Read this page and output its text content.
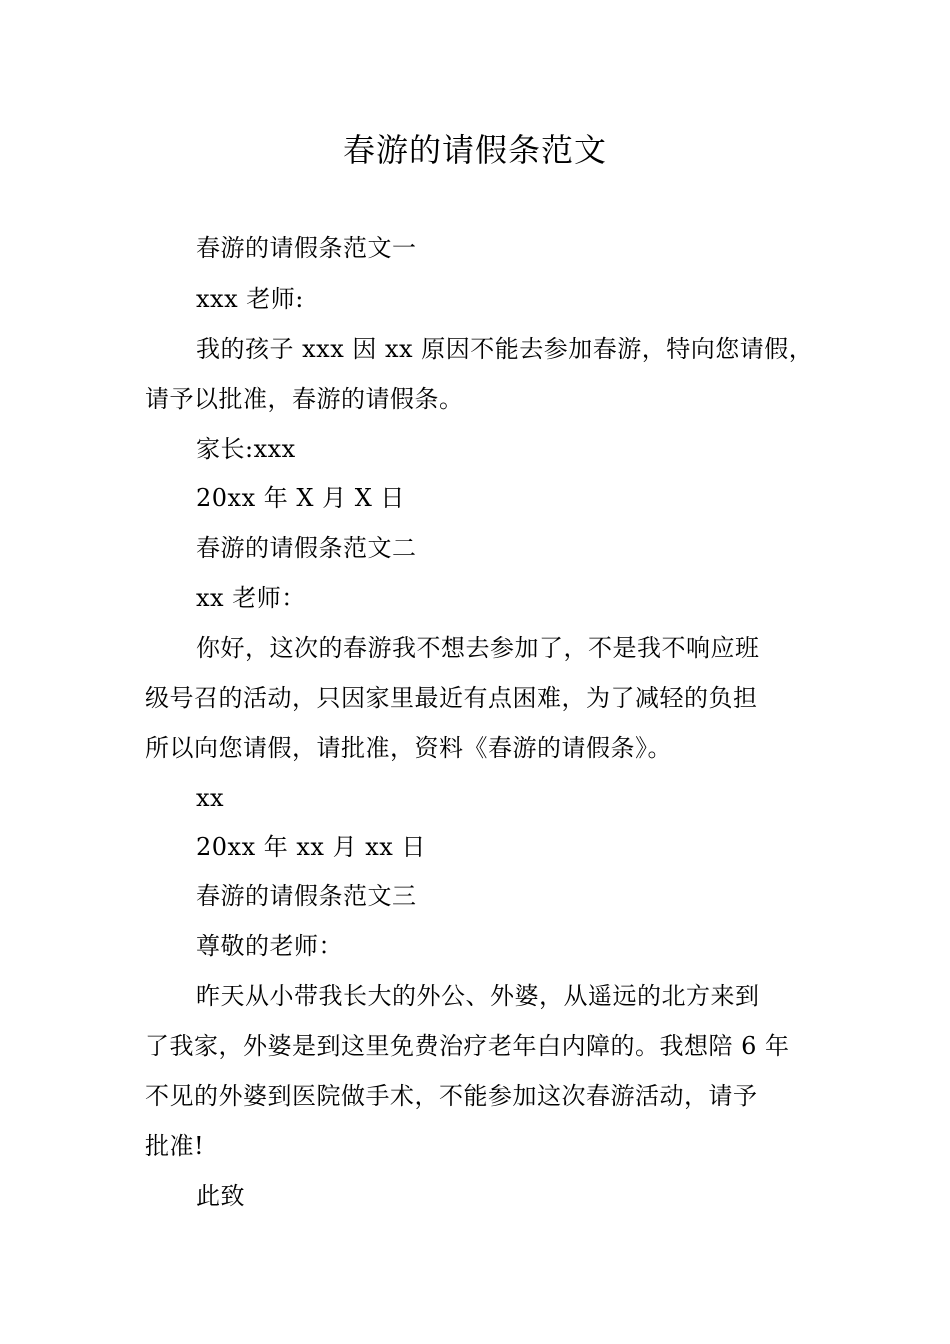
春游的请假条范文
春游的请假条范文一
xxx 老师:
我的孩子 xxx 因 xx 原因不能去参加春游，特向您请假，
请予以批准，春游的请假条。
家长:xxx
20xx 年 X 月 X 日
春游的请假条范文二
xx 老师：
你好，这次的春游我不想去参加了，不是我不响应班
级号召的活动，只因家里最近有点困难，为了减轻的负担
所以向您请假，请批准，资料《春游的请假条》。
xx
20xx 年 xx 月 xx 日
春游的请假条范文三
尊敬的老师：
昨天从小带我长大的外公、外婆，从遥远的北方来到
了我家，外婆是到这里免费治疗老年白内障的。我想陪 6 年
不见的外婆到医院做手术，不能参加这次春游活动，请予
批准!
此致
